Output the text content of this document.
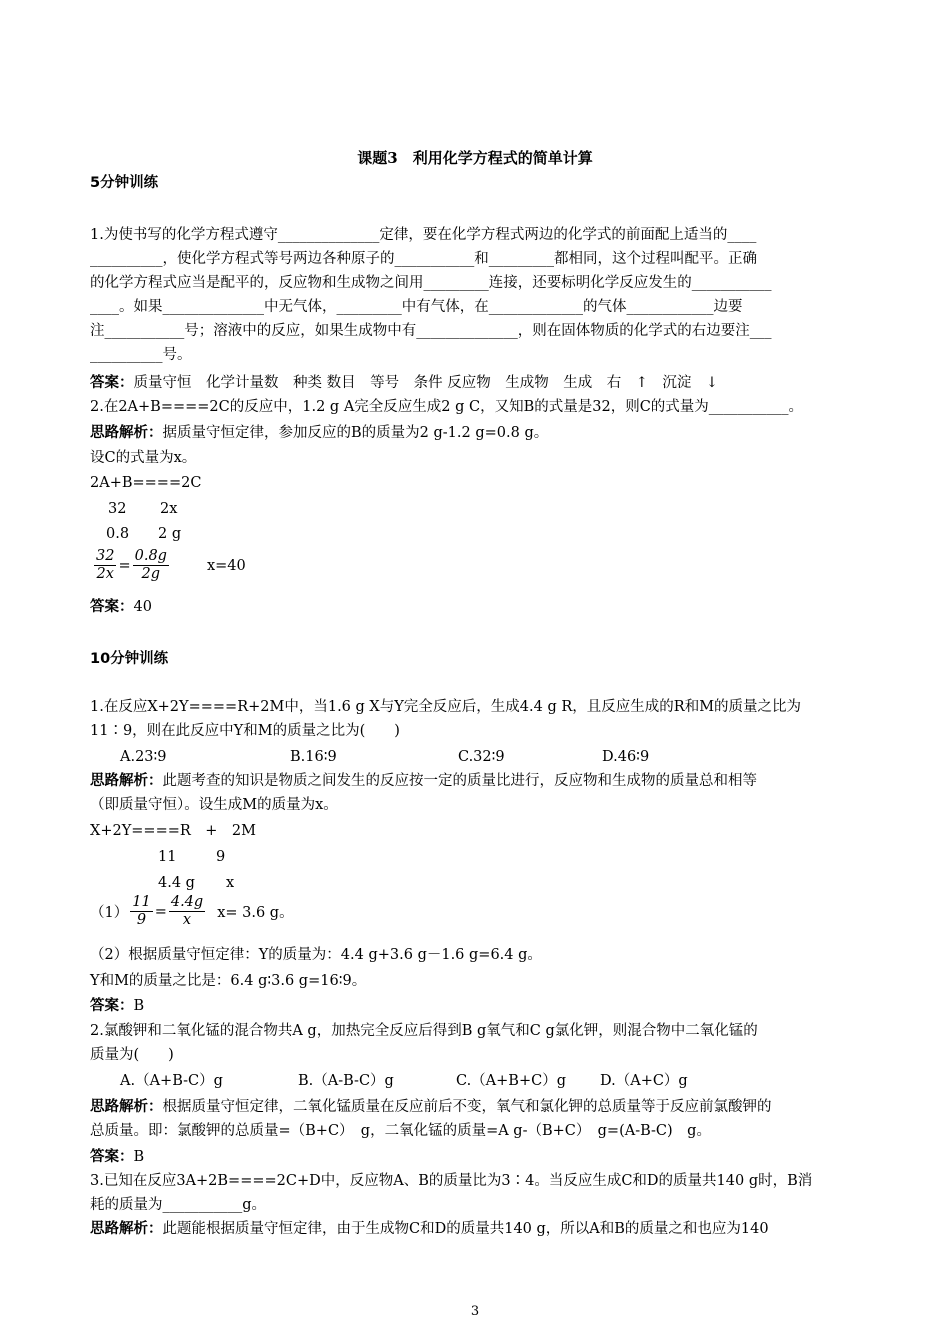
课题3　利用化学方程式的简单计算
5分钟训练
1.为使书写的化学方程式遵守______________定律，要在化学方程式两边的化学式的前面配上适当的____
__________，使化学方程式等号两边各种原子的___________和_________都相同，这个过程叫配平。正确
的化学方程式应当是配平的，反应物和生成物之间用_________连接，还要标明化学反应发生的___________
____。如果______________中无气体，_________中有气体，在_____________的气体____________边要
注___________号；溶液中的反应，如果生成物中有______________，则在固体物质的化学式的右边要注___
__________号。
答案：质量守恒　化学计量数　种类 数目　等号　条件 反应物　生成物　生成　右　↑　沉淀　↓
2.在2A+B====2C的反应中，1.2 g A完全反应生成2 g C，又知B的式量是32，则C的式量为___________。
思路解析：据质量守恒定律，参加反应的B的质量为2 g-1.2 g=0.8 g。
设C的式量为x。
2A+B====2C
32 2x
0.8 2 g
$\frac{32}{2x} = \frac{0.8g}{2g}$	x=40
答案：40
10分钟训练
1.在反应X+2Y====R+2M中，当1.6 g X与Y完全反应后，生成4.4 g R，且反应生成的R和M的质量之比为
11∶9，则在此反应中Y和M的质量之比为(　　)
A.23∶9	B.16∶9	C.32∶9	D.46∶9
思路解析：此题考查的知识是物质之间发生的反应按一定的质量比进行，反应物和生成物的质量总和相等
（即质量守恒）。设生成M的质量为x。
X+2Y====R　+　2M
11	9
4.4 g x
$(1) \frac{11}{9} = \frac{4.4g}{x} x= 3.6$ g。
（2）根据质量守恒定律：Y的质量为：4.4 g+3.6 g－1.6 g=6.4 g。
Y和M的质量之比是：6.4 g∶3.6 g=16∶9。
答案：B
2.氯酸钾和二氧化锰的混合物共A g，加热完全反应后得到B g氧气和C g氯化钾，则混合物中二氧化锰的
质量为(　　)
A.（A+B-C）g	B.（A-B-C）g	C.（A+B+C）g D.（A+C）g
思路解析：根据质量守恒定律，二氧化锰质量在反应前后不变，氧气和氯化钾的总质量等于反应前氯酸钾的
总质量。即：氯酸钾的总质量=（B+C）　g，二氧化锰的质量=A g-（B+C）　g=(A-B-C)　g。
答案：B
3.已知在反应3A+2B====2C+D中，反应物A、B的质量比为3∶4。当反应生成C和D的质量共140 g时，B消
耗的质量为___________g。
思路解析：此题能根据质量守恒定律，由于生成物C和D的质量共140 g，所以A和B的质量之和也应为140
3
